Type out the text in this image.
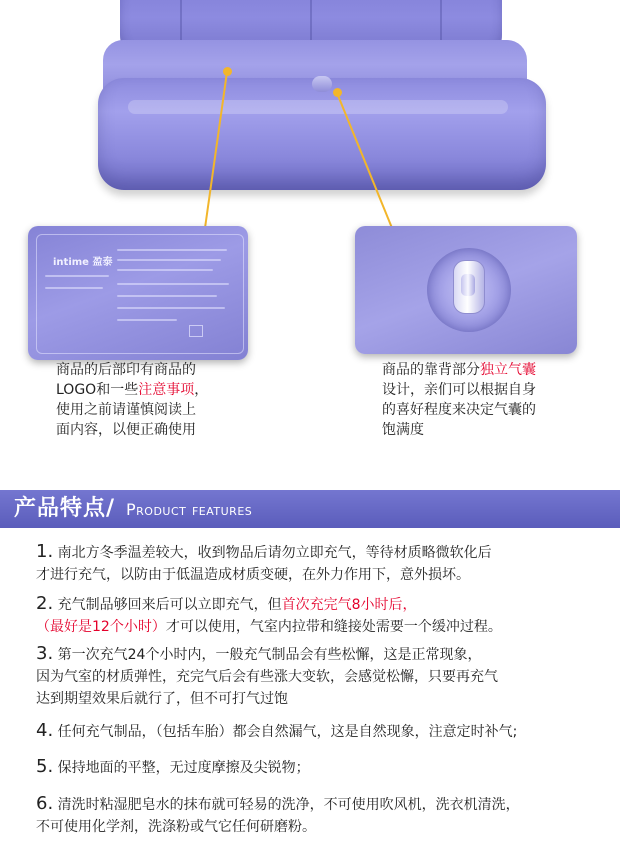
intime 盈泰
商品的后部印有商品的
LOGO和一些注意事项，
使用之前请谨慎阅读上
面内容，以便正确使用
商品的靠背部分独立气囊
设计，亲们可以根据自身
的喜好程度来决定气囊的
饱满度
产品特点/ Product features
1. 南北方冬季温差较大，收到物品后请勿立即充气，等待材质略微软化后
才进行充气，以防由于低温造成材质变硬，在外力作用下，意外损坏。
2. 充气制品够回来后可以立即充气，但首次充完气8小时后，
（最好是12个小时）才可以使用，气室内拉带和缝接处需要一个缓冲过程。
3. 第一次充气24个小时内，一般充气制品会有些松懈，这是正常现象，
因为气室的材质弹性，充完气后会有些涨大变软，会感觉松懈，只要再充气
达到期望效果后就行了，但不可打气过饱
4. 任何充气制品，（包括车胎）都会自然漏气，这是自然现象，注意定时补气;
5. 保持地面的平整，无过度摩擦及尖锐物；
6. 清洗时粘湿肥皂水的抹布就可轻易的洗净，不可使用吹风机，洗衣机清洗，
不可使用化学剂，洗涤粉或气它任何研磨粉。
